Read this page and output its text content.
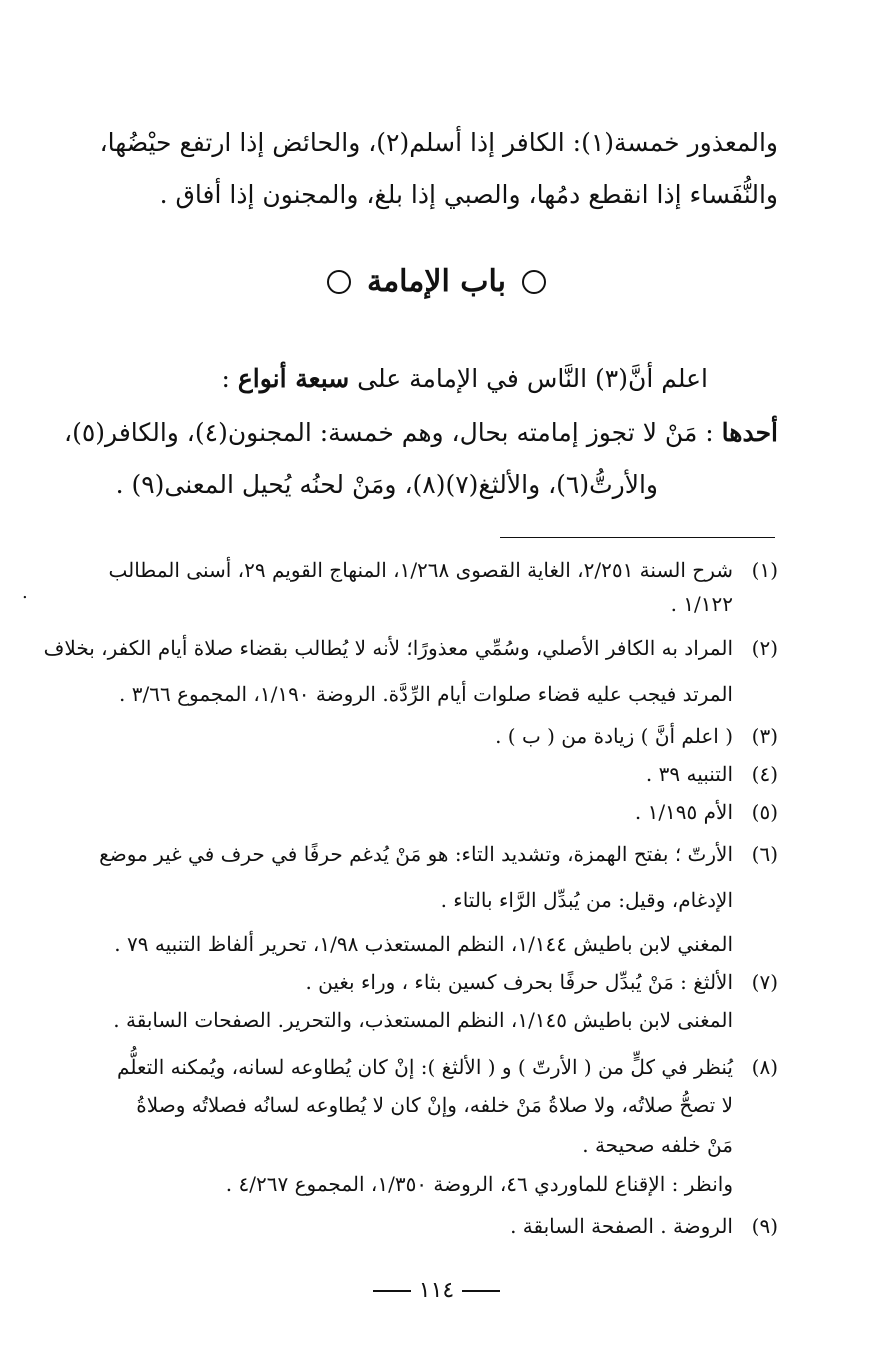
والمعذور خمسة(١): الكافر إذا أسلم(٢)، والحائض إذا ارتفع حيْضُها،
والنُّفَساء إذا انقطع دمُها، والصبي إذا بلغ، والمجنون إذا أفاق .
باب الإمامة
اعلم أنَّ(٣) النَّاس في الإمامة على سبعة أنواع :
أحدها : مَنْ لا تجوز إمامته بحال، وهم خمسة: المجنون(٤)، والكافر(٥)،
والأرتُّ(٦)، والألثغ(٧)(٨)، ومَنْ لحنُه يُحيل المعنى(٩) .
.
(١)
شرح السنة ٢/٢٥١، الغاية القصوى ١/٢٦٨، المنهاج القويم ٢٩، أسنى المطالب
١/١٢٢ .
(٢)
المراد به الكافر الأصلي، وسُمِّي معذورًا؛ لأنه لا يُطالب بقضاء صلاة أيام الكفر، بخلاف
المرتد فيجب عليه قضاء صلوات أيام الرِّدَّة. الروضة ١/١٩٠، المجموع ٣/٦٦ .
(٣)
( اعلم أنَّ ) زيادة من ( ب ) .
(٤)
التنبيه ٣٩ .
(٥)
الأم ١/١٩٥ .
(٦)
الأرتّ ؛ بفتح الهمزة، وتشديد التاء: هو مَنْ يُدغم حرفًا في حرف في غير موضع
الإدغام، وقيل: من يُبدِّل الرَّاء بالتاء .
المغني لابن باطيش ١/١٤٤، النظم المستعذب ١/٩٨، تحرير ألفاظ التنبيه ٧٩ .
(٧)
الألثغ : مَنْ يُبدِّل حرفًا بحرف كسين بثاء ، وراء بغين .
المغنى لابن باطيش ١/١٤٥، النظم المستعذب، والتحرير. الصفحات السابقة .
(٨)
يُنظر في كلٍّ من ( الأرتّ ) و ( الألثغ ): إنْ كان يُطاوعه لسانه، ويُمكنه التعلُّم
لا تصحُّ صلاتُه، ولا صلاةُ مَنْ خلفه، وإنْ كان لا يُطاوعه لسانُه فصلاتُه وصلاةُ
مَنْ خلفه صحيحة .
وانظر : الإقناع للماوردي ٤٦، الروضة ١/٣٥٠، المجموع ٤/٢٦٧ .
(٩)
الروضة . الصفحة السابقة .
١١٤
